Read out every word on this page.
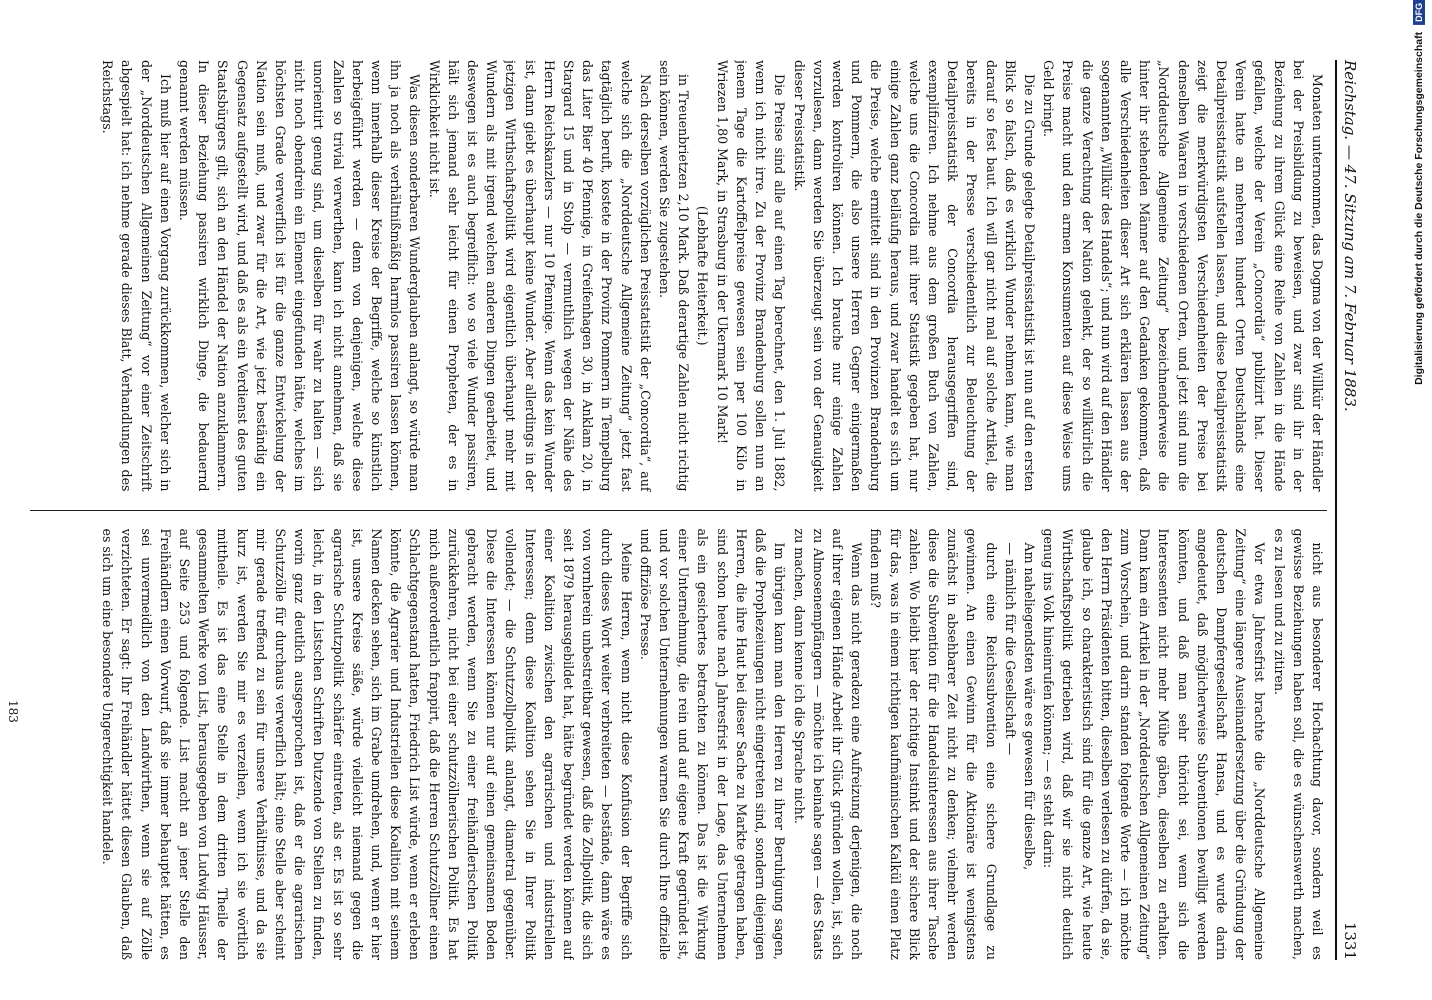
Reichstag. — 47. Sitzung am 7. Februar 1883.
1331

Monaten unternommen, das Dogma von der Willkür der Händler bei der Preisbildung zu beweisen, und zwar sind ihr in der Beziehung zu ihrem Glück eine Reihe von Zahlen in die Hände gefallen, welche der Verein „Concordia“ publizirt hat. Dieser Verein hatte an mehreren hundert Orten Deutschlands eine Detailpreisstatistik aufstellen lassen, und diese Detailpreisstatistik zeigt die merkwürdigsten Verschiedenheiten der Preise bei denselben Waaren in verschiedenen Orten, und jetzt sind nun die „Norddeutsche Allgemeine Zeitung“ bezeichnenderweise die hinter ihr stehenden Männer auf den Gedanken gekommen, daß alle Verschiedenheiten dieser Art sich erklären lassen aus der sogenannten „Willkür des Handels“; und nun wird auf den Händler die ganze Verachtung der Nation gelenkt, der so willkürlich die Preise macht und den armen Konsumenten auf diese Weise ums Geld bringt.

Die zu Grunde gelegte Detailpreisstatistik ist nun auf den ersten Blick so falsch, daß es wirklich Wunder nehmen kann, wie man darauf so fest baut. Ich will gar nicht mal auf solche Artikel, die bereits in der Presse verschiedentlich zur Beleuchtung der Detailpreisstatistik der Concordia herausgegriffen sind, exemplifiziren. Ich nehme aus dem großen Buch von Zahlen, welche uns die Concordia mit ihrer Statistik gegeben hat, nur einige Zahlen ganz beiläufig heraus, und zwar handelt es sich um die Preise, welche ermittelt sind in den Provinzen Brandenburg und Pommern, die also unsere Herren Gegner einigermaßen werden kontroliren können. Ich brauche nur einige Zahlen vorzulesen, dann werden Sie überzeugt sein von der Genauigkeit dieser Preisstatistik.

Die Preise sind alle auf einen Tag berechnet, den 1. Juli 1882, wenn ich nicht irre. Zu der Provinz Brandenburg sollen nun an jenem Tage die Kartoffelpreise gewesen sein per 100 Kilo in Wriezen 1,80 Mark, in Strasburg in der Ukermark 10 Mark!

(Lebhafte Heiterkeit.)

in Treuenbrietzen 2,10 Mark. Daß derartige Zahlen nicht richtig sein können, werden Sie zugestehen.

Nach derselben vorzüglichen Preisstatistik der „Concordia“, auf welche sich die „Norddeutsche Allgemeine Zeitung“ jetzt fast tagtäglich beruft, kostete in der Provinz Pommern in Tempelburg das Liter Bier 40 Pfennige, in Greifenhagen 30, in Anklam 20, in Stargard 15 und in Stolp — vermuthlich wegen der Nähe des Herrn Reichskanzlers — nur 10 Pfennige. Wenn das kein Wunder ist, dann giebt es überhaupt keine Wunder. Aber allerdings in der jetzigen Wirthschaftspolitik wird eigentlich überhaupt mehr mit Wundern als mit irgend welchen anderen Dingen gearbeitet, und deswegen ist es auch begreiflich: wo so viele Wunder passiren, hält sich jemand sehr leicht für einen Propheten, der es in Wirklichkeit nicht ist.

Was diesen sonderbaren Wunderglauben anlangt, so würde man ihn ja noch als verhältnißmäßig harmlos passiren lassen können, wenn innerhalb dieser Kreise der Begriffe, welche so künstlich herbeigeführt werden — denn von denjenigen, welche diese Zahlen so trivial verwerthen, kann ich nicht annehmen, daß sie unorientirt genug sind, um dieselben für wahr zu halten — sich nicht noch obendrein ein Element eingefunden hätte, welches im höchsten Grade verwerflich ist für die ganze Entwickelung der Nation sein muß, und zwar für die Art, wie jetzt beständig ein Gegensatz aufgestellt wird, und daß es als ein Verdienst des guten Staatsbürgers gilt, sich an den Händel der Nation anzuklammern. In dieser Beziehung passiren wirklich Dinge, die bedauernd genannt werden müssen.

Ich muß hier auf einen Vorgang zurückkommen, welcher sich in der „Norddeutschen Allgemeinen Zeitung“ vor einer Zeitschrift abgespielt hat: ich nehme gerade dieses Blatt, Verhandlungen des Reichstags.

nicht aus besonderer Hochachtung davor, sondern weil es gewisse Beziehungen haben soll, die es wünschenswerth machen, es zu lesen und zu zitiren.

Vor etwa Jahresfrist brachte die „Norddeutsche Allgemeine Zeitung“ eine längere Auseinandersetzung über die Gründung der deutschen Dampfergesellschaft Hansa, und es wurde darin angedeutet, daß möglicherweise Subventionen bewilligt werden könnten, und daß man sehr thöricht sei, wenn sich die Interessenten nicht mehr Mühe gäben, dieselben zu erhalten. Dann kam ein Artikel in der „Norddeutschen Allgemeinen Zeitung“ zum Vorschein, und darin standen folgende Worte — ich möchte den Herrn Präsidenten bitten, dieselben verlesen zu dürfen, da sie, glaube ich, so charakteristisch sind für die ganze Art, wie heute Wirthschaftspolitik getrieben wird, daß wir sie nicht deutlich genug ins Volk hineinrufen können; — es steht darin:

Am naheliegendsten wäre es gewesen für dieselbe,

— nämlich für die Gesellschaft —

durch eine Reichssubvention eine sichere Grundlage zu gewinnen. An einen Gewinn für die Aktionäre ist wenigstens zunächst in absehbarer Zeit nicht zu denken; vielmehr werden diese die Subvention für die Handelsinteressen aus ihrer Tasche zahlen. Wo bleibt hier der richtige Instinkt und der sichere Blick für das, was in einem richtigen kaufmännischen Kalkül einen Platz finden muß?

Wenn das nicht geradezu eine Aufreizung derjenigen, die noch auf ihrer eigenen Hände Arbeit ihr Glück gründen wollen, ist, sich zu Almosenempfängern — möchte ich beinahe sagen — des Staats zu machen, dann kenne ich die Sprache nicht.

Im übrigen kann man den Herren zu ihrer Beruhigung sagen, daß die Prophezeiungen nicht eingetreten sind, sondern diejenigen Herren, die ihre Haut bei dieser Sache zu Markte getragen haben, sind schon heute nach Jahresfrist in der Lage, das Unternehmen als ein gesichertes betrachten zu können. Das ist die Wirkung einer Unternehmung, die rein und auf eigene Kraft gegründet ist, und vor solchen Unternehmungen warnen Sie durch Ihre offizielle und offiziöse Presse.

Meine Herren, wenn nicht diese Konfusion der Begriffe sich durch dieses Wort weiter verbreiteten — bestände, dann wäre es von vornherein unbestreitbar gewesen, daß die Zollpolitik, die sich seit 1879 herausgebildet hat, hätte begründet werden können auf einer Koalition zwischen den agrarischen und industriellen Interessen; denn diese Koalition sehen Sie in Ihrer Politik vollendet; — die Schutzzollpolitik anlangt, diametral gegenüber. Diese die Interessen können nur auf einen gemeinsamen Boden gebracht werden, wenn Sie zu einer freihändlerischen Politik zurückkehren, nicht bei einer schutzzöllnerischen Politik. Es hat mich außerordentlich frappirt, daß die Herren Schutzzöllner einen Schlachtgegenstand hatten, Friedrich List würde, wenn er erleben könnte, die Agrarier und Industriellen diese Koalition mit seinem Namen decken sehen, sich im Grabe umdrehen, und, wenn er hier ist, unsere Kreise säße, würde vielleicht niemand gegen die agrarische Schutzpolitik schärfer eintreten, als er. Es ist so sehr leicht, in den Listschen Schriften Dutzende von Stellen zu finden, worin ganz deutlich ausgesprochen ist, daß er die agrarischen Schutzzölle für durchaus verwerflich hält; eine Stelle aber scheint mir gerade treffend zu sein für unsere Verhältnisse, und da sie kurz ist, werden Sie mir es verzeihen, wenn ich sie wörtlich mittheile. Es ist das eine Stelle in dem dritten Theile der gesammelten Werke von List, herausgegeben von Ludwig Häusser, auf Seite 253 und folgende. List macht an jener Stelle den Freihändlern einen Vorwurf, daß sie immer behauptet hätten, es sei unvermeidlich von den Landwirthen, wenn sie auf Zölle verzichteten. Er sagt: Ihr Freihändler hättet diesen Glauben, daß es sich um eine besondere Ungerechtigkeit handele.

183
Digitalisierung gefördert durch die Deutsche Forschungsgemeinschaft DFG
